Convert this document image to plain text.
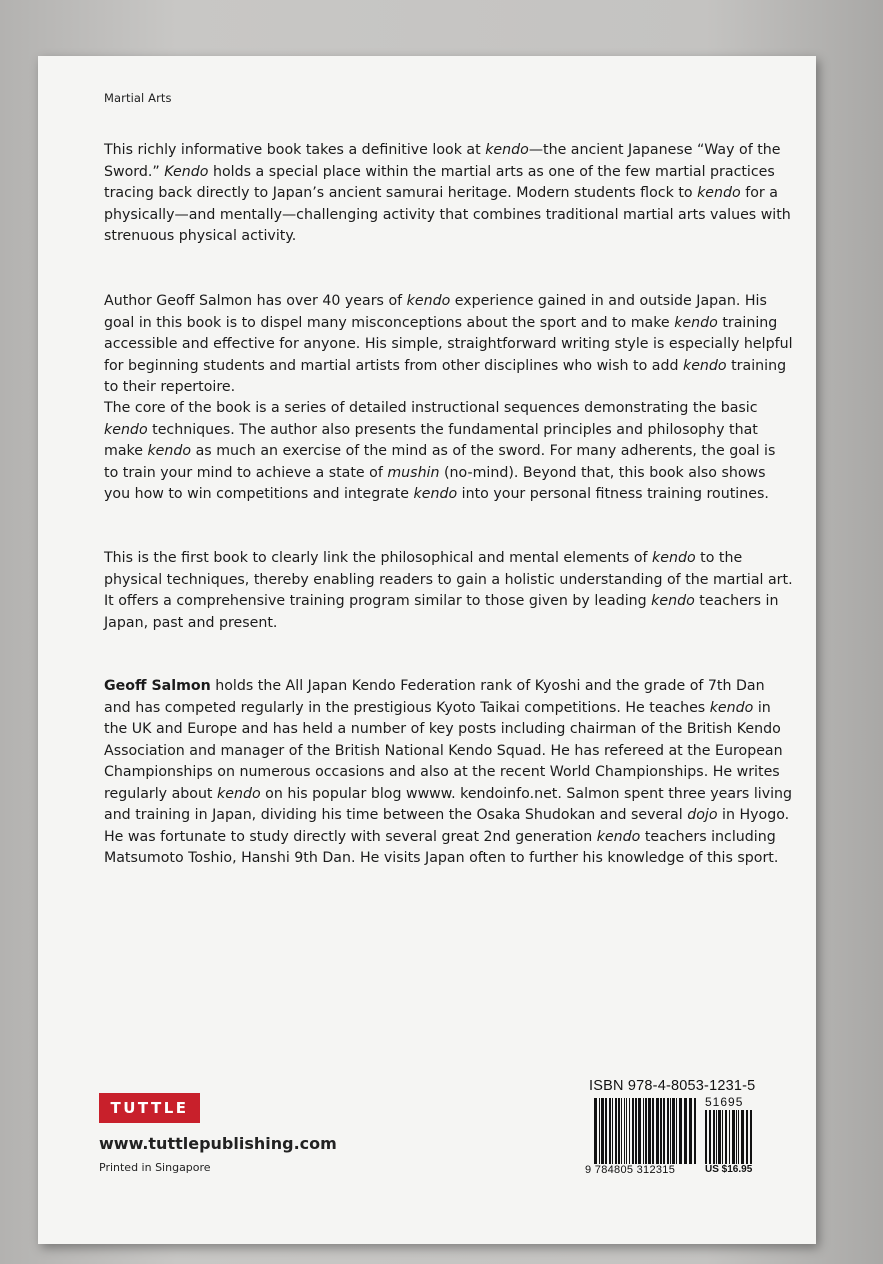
Martial Arts

This richly informative book takes a definitive look at kendo—the ancient Japanese “Way of the Sword.” Kendo holds a special place within the martial arts as one of the few martial practices tracing back directly to Japan’s ancient samurai heritage. Modern students flock to kendo for a physically—and mentally—challenging activity that combines traditional martial arts values with strenuous physical activity.

Author Geoff Salmon has over 40 years of kendo experience gained in and outside Japan. His goal in this book is to dispel many misconceptions about the sport and to make kendo training accessible and effective for anyone. His simple, straightforward writing style is especially helpful for beginning students and martial artists from other disciplines who wish to add kendo training to their repertoire.

The core of the book is a series of detailed instructional sequences demonstrating the basic kendo techniques. The author also presents the fundamental principles and philosophy that make kendo as much an exercise of the mind as of the sword. For many adherents, the goal is to train your mind to achieve a state of mushin (no-mind). Beyond that, this book also shows you how to win competitions and integrate kendo into your personal fitness training routines.

This is the first book to clearly link the philosophical and mental elements of kendo to the physical techniques, thereby enabling readers to gain a holistic understanding of the martial art. It offers a comprehensive training program similar to those given by leading kendo teachers in Japan, past and present.

Geoff Salmon holds the All Japan Kendo Federation rank of Kyoshi and the grade of 7th Dan and has competed regularly in the prestigious Kyoto Taikai competitions. He teaches kendo in the UK and Europe and has held a number of key posts including chairman of the British Kendo Association and manager of the British National Kendo Squad. He has refereed at the European Championships on numerous occasions and also at the recent World Championships. He writes regularly about kendo on his popular blog wwww. kendoinfo.net. Salmon spent three years living and training in Japan, dividing his time between the Osaka Shudokan and several dojo in Hyogo. He was fortunate to study directly with several great 2nd generation kendo teachers including Matsumoto Toshio, Hanshi 9th Dan. He visits Japan often to further his knowledge of this sport.

TUTTLE
www.tuttlepublishing.com
Printed in Singapore
ISBN 978-4-8053-1231-5
51695
9 784805 312315	US $16.95
